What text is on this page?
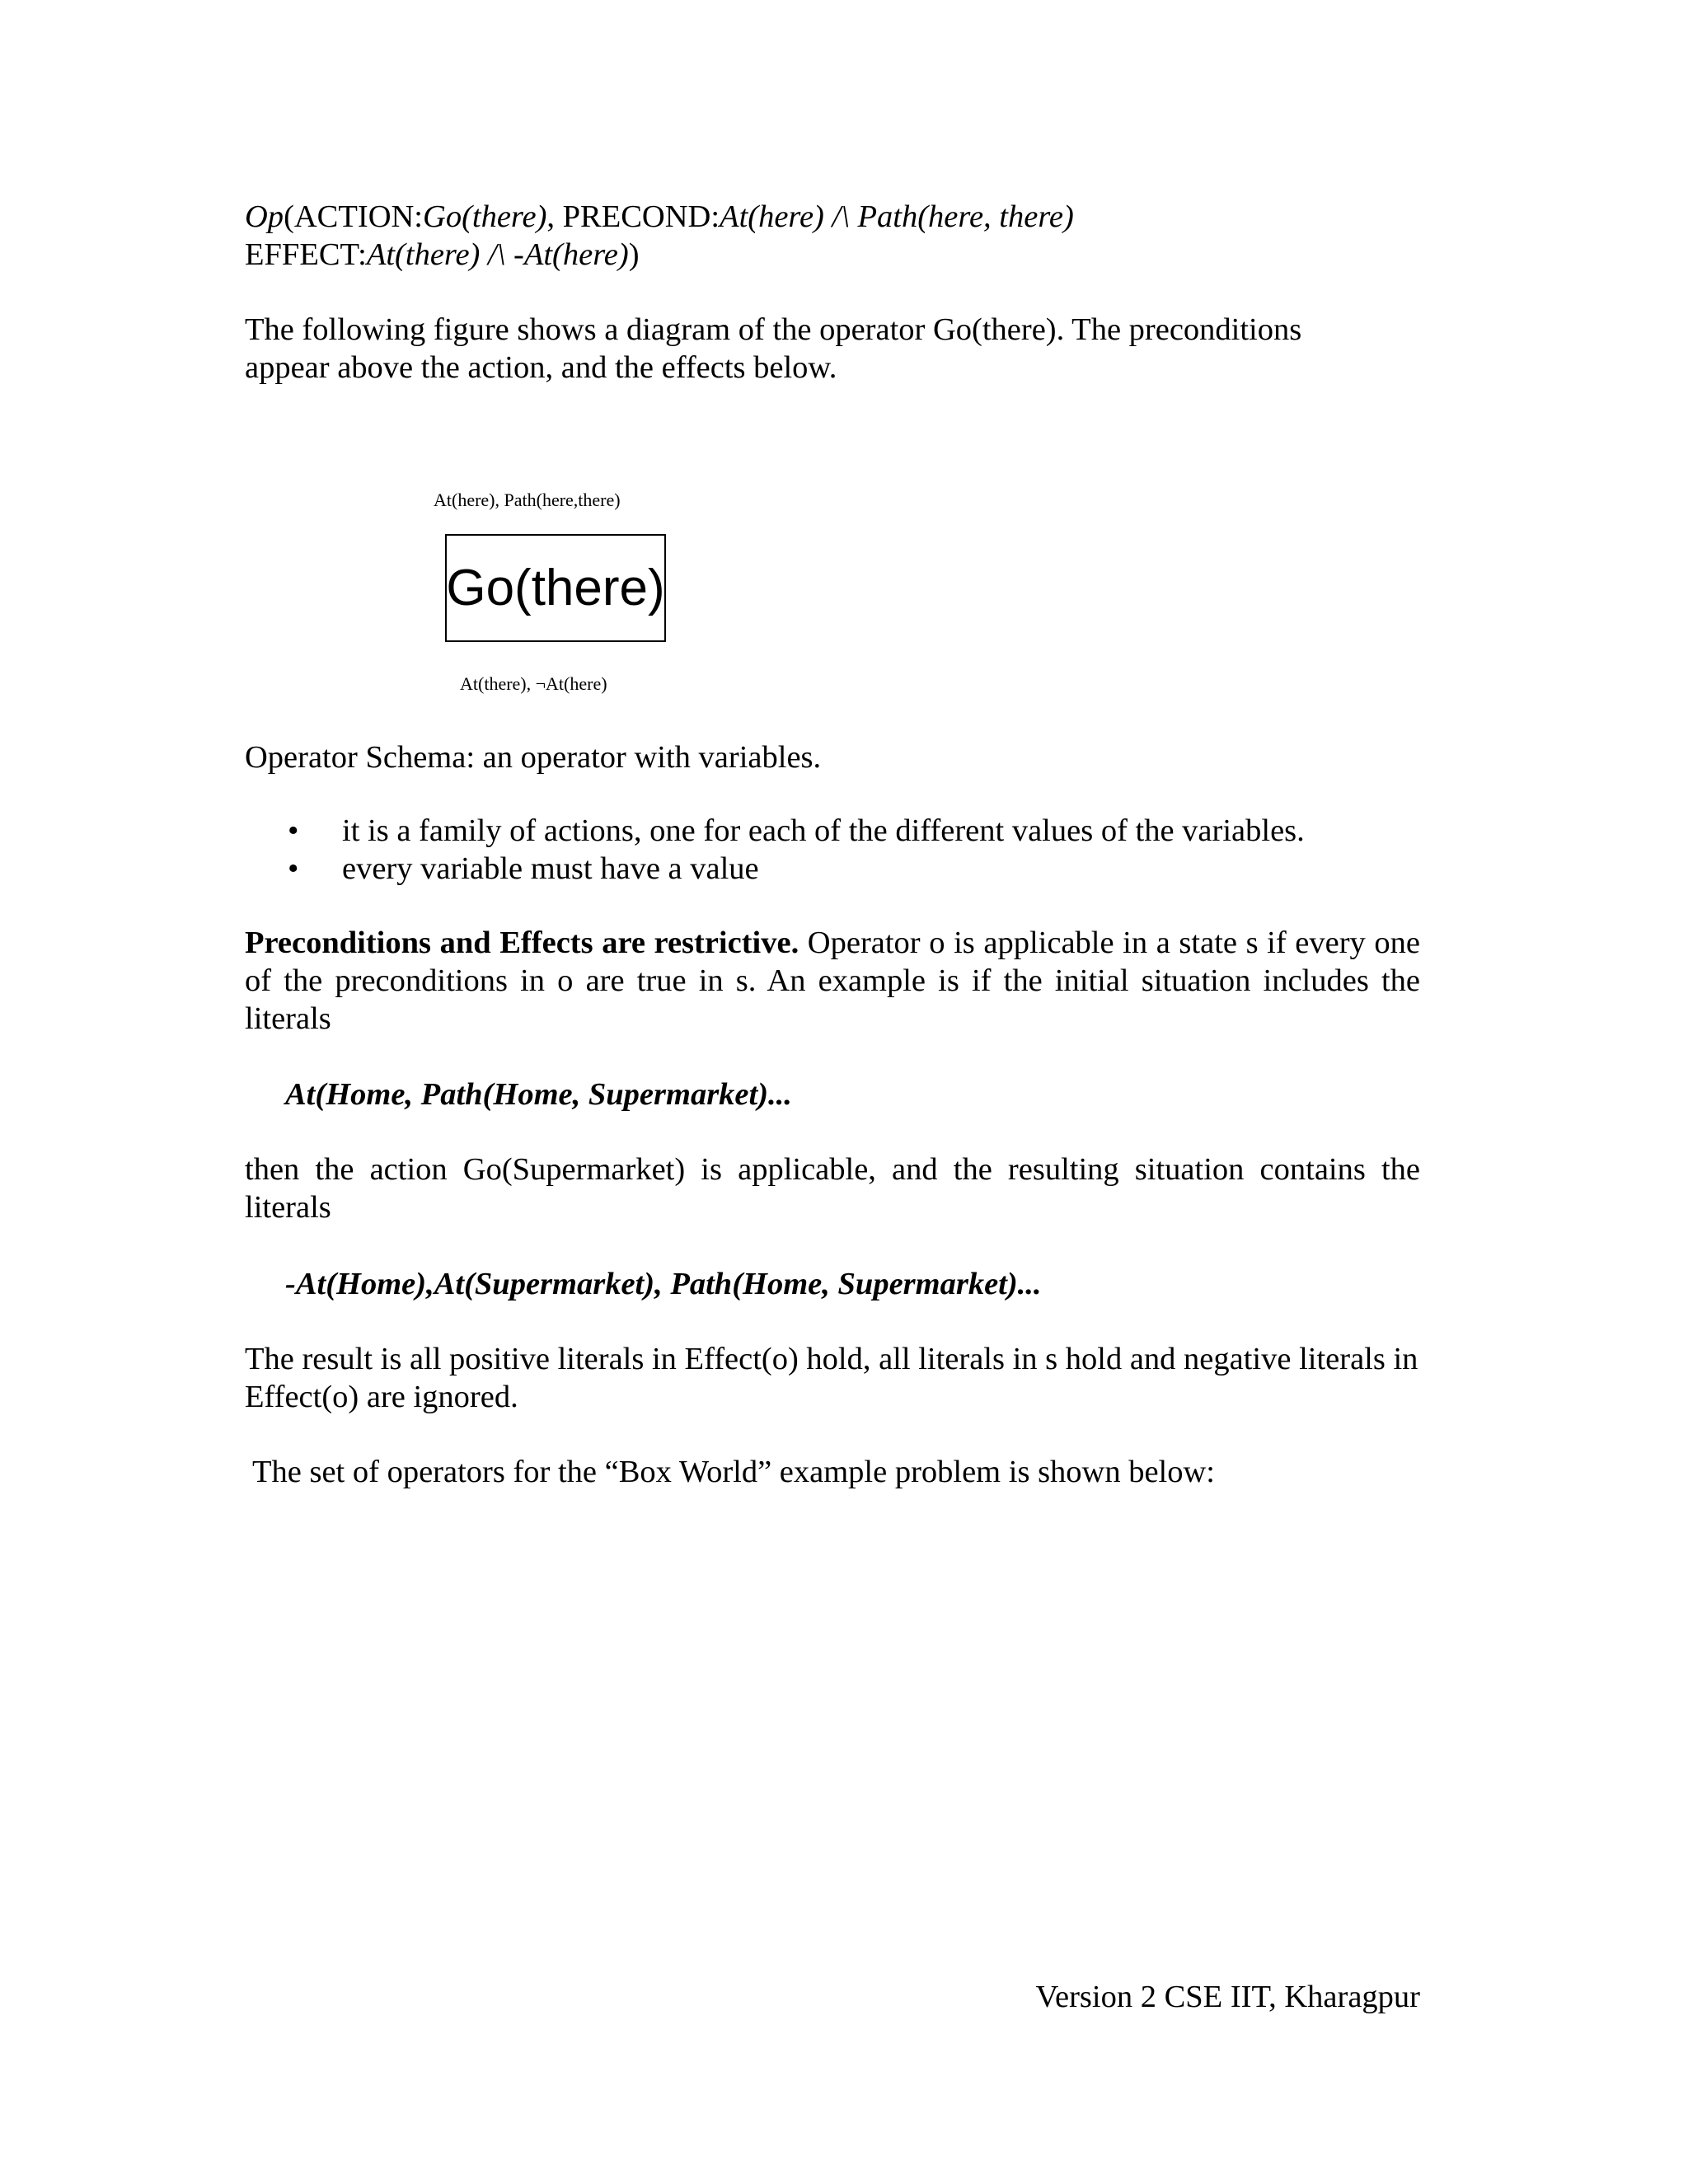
Op(ACTION:Go(there), PRECOND:At(here) /\ Path(here, there)
EFFECT:At(there) /\ -At(here))
The following figure shows a diagram of the operator Go(there). The preconditions
appear above the action, and the effects below.
At(here), Path(here,there)
Go(there)
At(there), ¬At(here)
Operator Schema: an operator with variables.
• it is a family of actions, one for each of the different values of the variables.
• every variable must have a value
Preconditions and Effects are restrictive. Operator o is applicable in a state s if every one of the preconditions in o are true in s. An example is if the initial situation includes the literals
At(Home, Path(Home, Supermarket)...
then the action Go(Supermarket) is applicable, and the resulting situation contains the literals
-At(Home),At(Supermarket), Path(Home, Supermarket)...
The result is all positive literals in Effect(o) hold, all literals in s hold and negative literals in Effect(o) are ignored.
The set of operators for the “Box World” example problem is shown below:
Version 2 CSE IIT, Kharagpur
